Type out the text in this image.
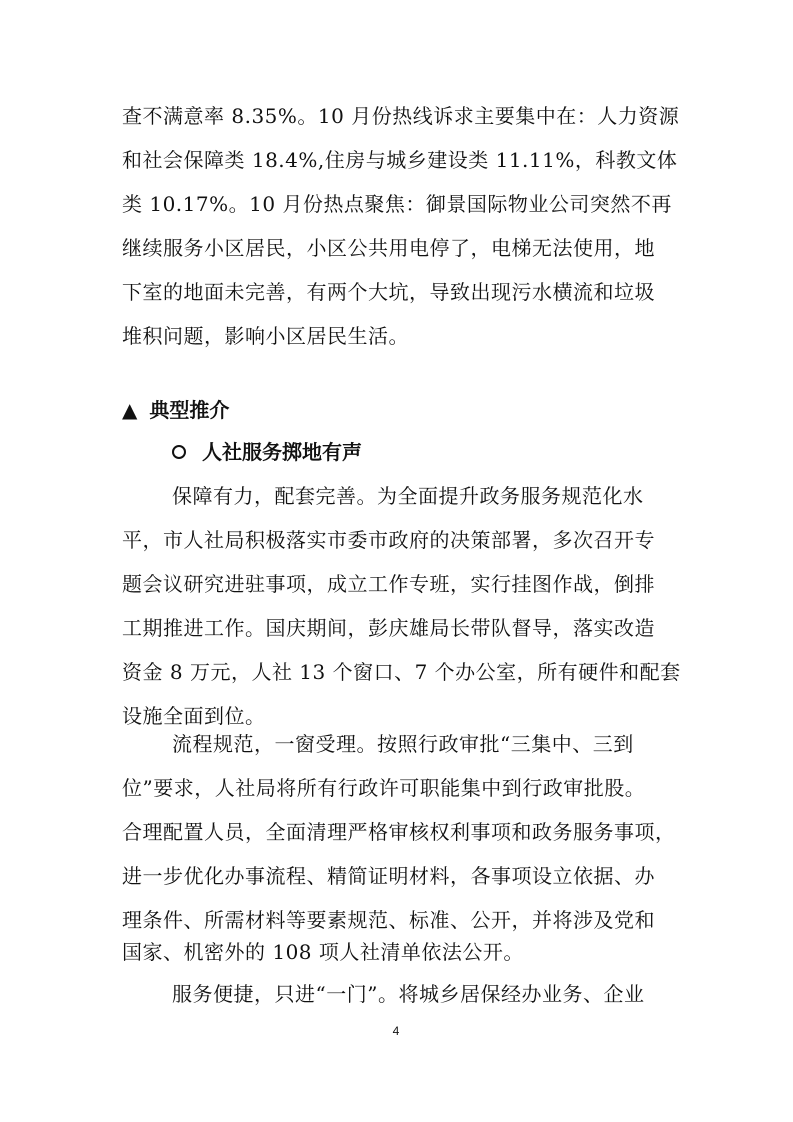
查不满意率 8.35%。10 月份热线诉求主要集中在：人力资源
和社会保障类 18.4%,住房与城乡建设类 11.11%，科教文体
类 10.17%。10 月份热点聚焦：御景国际物业公司突然不再
继续服务小区居民，小区公共用电停了，电梯无法使用，地
下室的地面未完善，有两个大坑，导致出现污水横流和垃圾
堆积问题，影响小区居民生活。
▲ 典型推介
人社服务掷地有声
保障有力，配套完善。为全面提升政务服务规范化水
平，市人社局积极落实市委市政府的决策部署，多次召开专
题会议研究进驻事项，成立工作专班，实行挂图作战，倒排
工期推进工作。国庆期间，彭庆雄局长带队督导，落实改造
资金 8 万元，人社 13 个窗口、7 个办公室，所有硬件和配套
设施全面到位。
流程规范，一窗受理。按照行政审批“三集中、三到
位”要求，人社局将所有行政许可职能集中到行政审批股。
合理配置人员，全面清理严格审核权利事项和政务服务事项，
进一步优化办事流程、精简证明材料，各事项设立依据、办
理条件、所需材料等要素规范、标准、公开，并将涉及党和
国家、机密外的 108 项人社清单依法公开。
服务便捷，只进“一门”。将城乡居保经办业务、企业
4
